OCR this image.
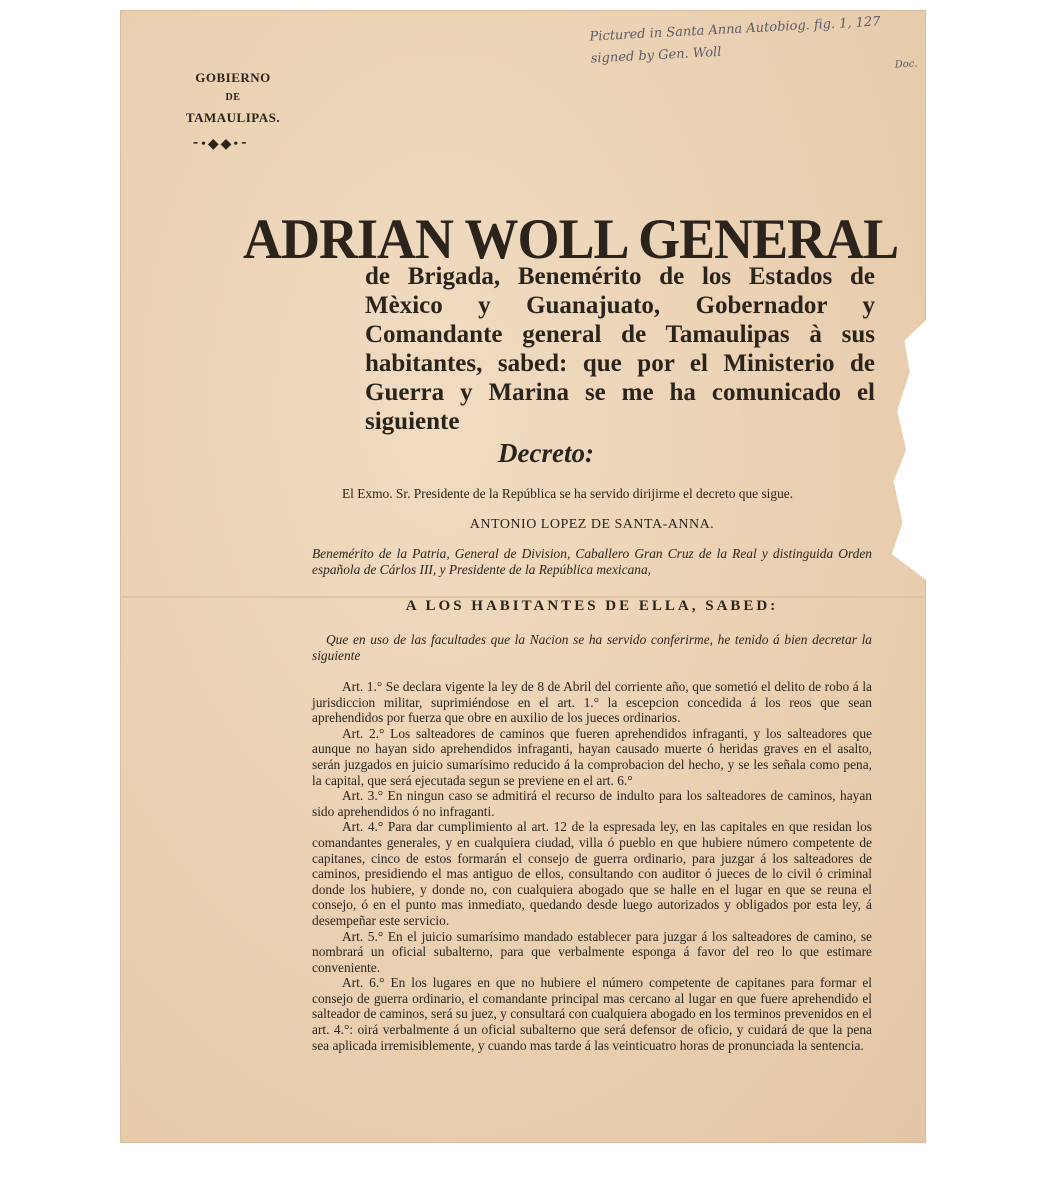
GOBIERNO
DE
TAMAULIPAS.
⁃•◆◆•⁃
Pictured in Santa Anna Autobiog. fig. 1, 127
signed by Gen. Woll	Doc.
ADRIAN WOLL GENERAL
de Brigada, Benemérito de los Estados de Mèxico y Guanajuato, Gobernador y Comandante general de Tamaulipas à sus habitantes, sabed: que por el Ministerio de Guerra y Marina se me ha comunicado el siguiente
Decreto:
El Exmo. Sr. Presidente de la República se ha servido dirijirme el decreto que sigue.
ANTONIO LOPEZ DE SANTA-ANNA.
Benemérito de la Patria, General de Division, Caballero Gran Cruz de la Real y distinguida Orden española de Cárlos III, y Presidente de la República mexicana,
A LOS HABITANTES DE ELLA, SABED:
Que en uso de las facultades que la Nacion se ha servido conferirme, he tenido á bien decretar la siguiente

Art. 1.° Se declara vigente la ley de 8 de Abril del corriente año, que sometió el delito de robo á la jurisdiccion militar, suprimiéndose en el art. 1.° la escepcion concedida á los reos que sean aprehendidos por fuerza que obre en auxilio de los jueces ordinarios.

Art. 2.° Los salteadores de caminos que fueren aprehendidos infraganti, y los salteadores que aunque no hayan sido aprehendidos infraganti, hayan causado muerte ó heridas graves en el asalto, serán juzgados en juicio sumarísimo reducido á la comprobacion del hecho, y se les señala como pena, la capital, que será ejecutada segun se previene en el art. 6.°

Art. 3.° En ningun caso se admitirá el recurso de indulto para los salteadores de caminos, hayan sido aprehendidos ó no infraganti.

Art. 4.° Para dar cumplimiento al art. 12 de la espresada ley, en las capitales en que residan los comandantes generales, y en cualquiera ciudad, villa ó pueblo en que hubiere número competente de capitanes, cinco de estos formarán el consejo de guerra ordinario, para juzgar á los salteadores de caminos, presidiendo el mas antiguo de ellos, consultando con auditor ó jueces de lo civil ó criminal donde los hubiere, y donde no, con cualquiera abogado que se halle en el lugar en que se reuna el consejo, ó en el punto mas inmediato, quedando desde luego autorizados y obligados por esta ley, á desempeñar este servicio.

Art. 5.° En el juicio sumarísimo mandado establecer para juzgar á los salteadores de camino, se nombrará un oficial subalterno, para que verbalmente esponga á favor del reo lo que estimare conveniente.

Art. 6.° En los lugares en que no hubiere el número competente de capitanes para formar el consejo de guerra ordinario, el comandante principal mas cercano al lugar en que fuere aprehendido el salteador de caminos, será su juez, y consultará con cualquiera abogado en los terminos prevenidos en el art. 4.°: oirá verbalmente á un oficial subalterno que será defensor de oficio, y cuidará de que la pena sea aplicada irremisiblemente, y cuando mas tarde á las veinticuatro horas de pronunciada la sentencia.
